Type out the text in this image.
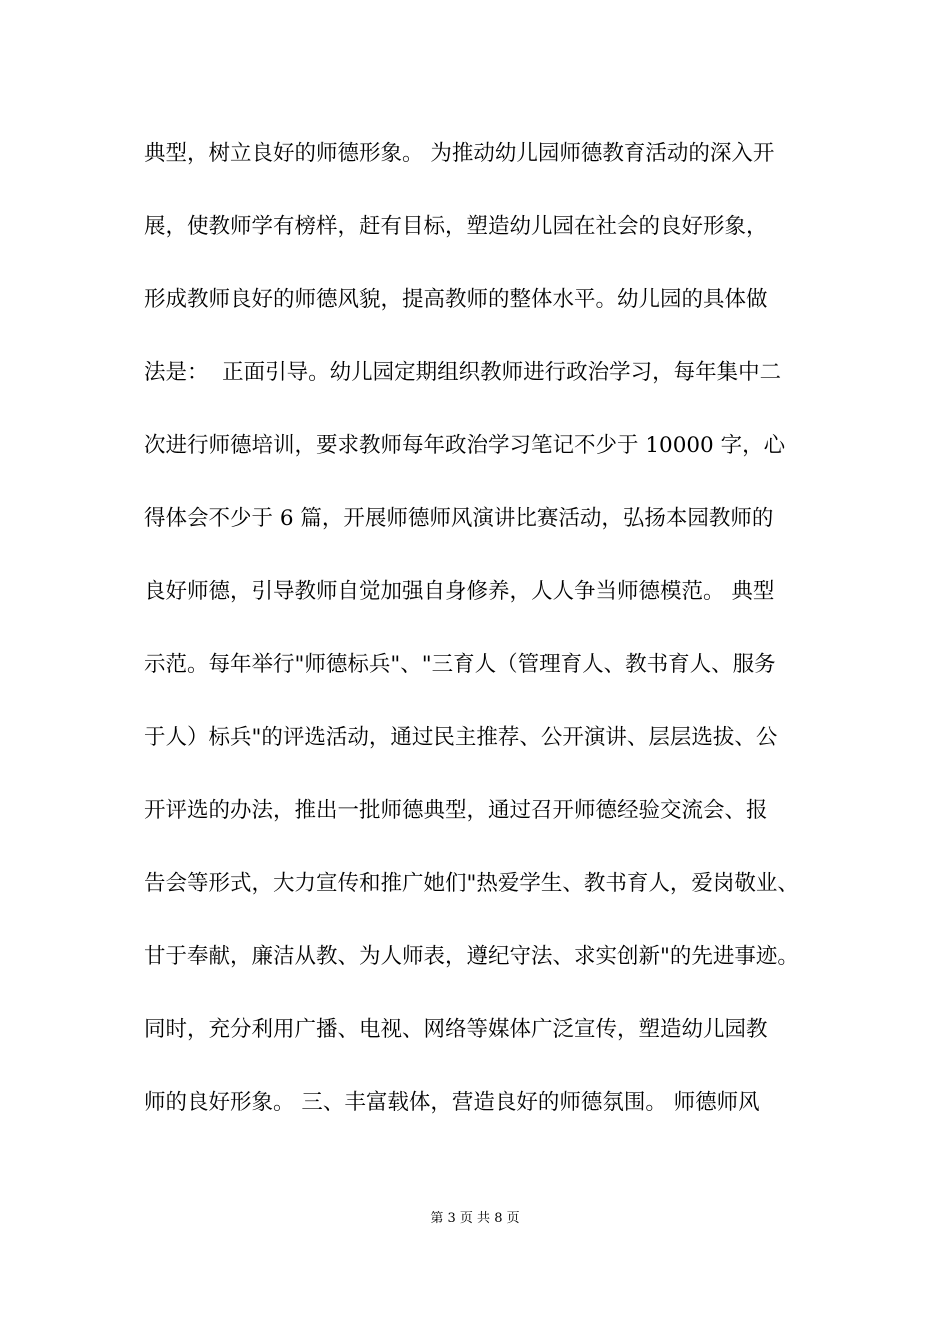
典型，树立良好的师德形象。 为推动幼儿园师德教育活动的深入开
展，使教师学有榜样，赶有目标，塑造幼儿园在社会的良好形象，
形成教师良好的师德风貌，提高教师的整体水平。幼儿园的具体做
法是：  正面引导。幼儿园定期组织教师进行政治学习，每年集中二
次进行师德培训，要求教师每年政治学习笔记不少于 10000 字，心
得体会不少于 6 篇，开展师德师风演讲比赛活动，弘扬本园教师的
良好师德，引导教师自觉加强自身修养，人人争当师德模范。 典型
示范。每年举行"师德标兵"、"三育人（管理育人、教书育人、服务
于人）标兵"的评选活动，通过民主推荐、公开演讲、层层选拔、公
开评选的办法，推出一批师德典型，通过召开师德经验交流会、报
告会等形式，大力宣传和推广她们"热爱学生、教书育人，爱岗敬业、
甘于奉献，廉洁从教、为人师表，遵纪守法、求实创新"的先进事迹。
同时，充分利用广播、电视、网络等媒体广泛宣传，塑造幼儿园教
师的良好形象。 三、丰富载体，营造良好的师德氛围。 师德师风
第 3 页 共 8 页
